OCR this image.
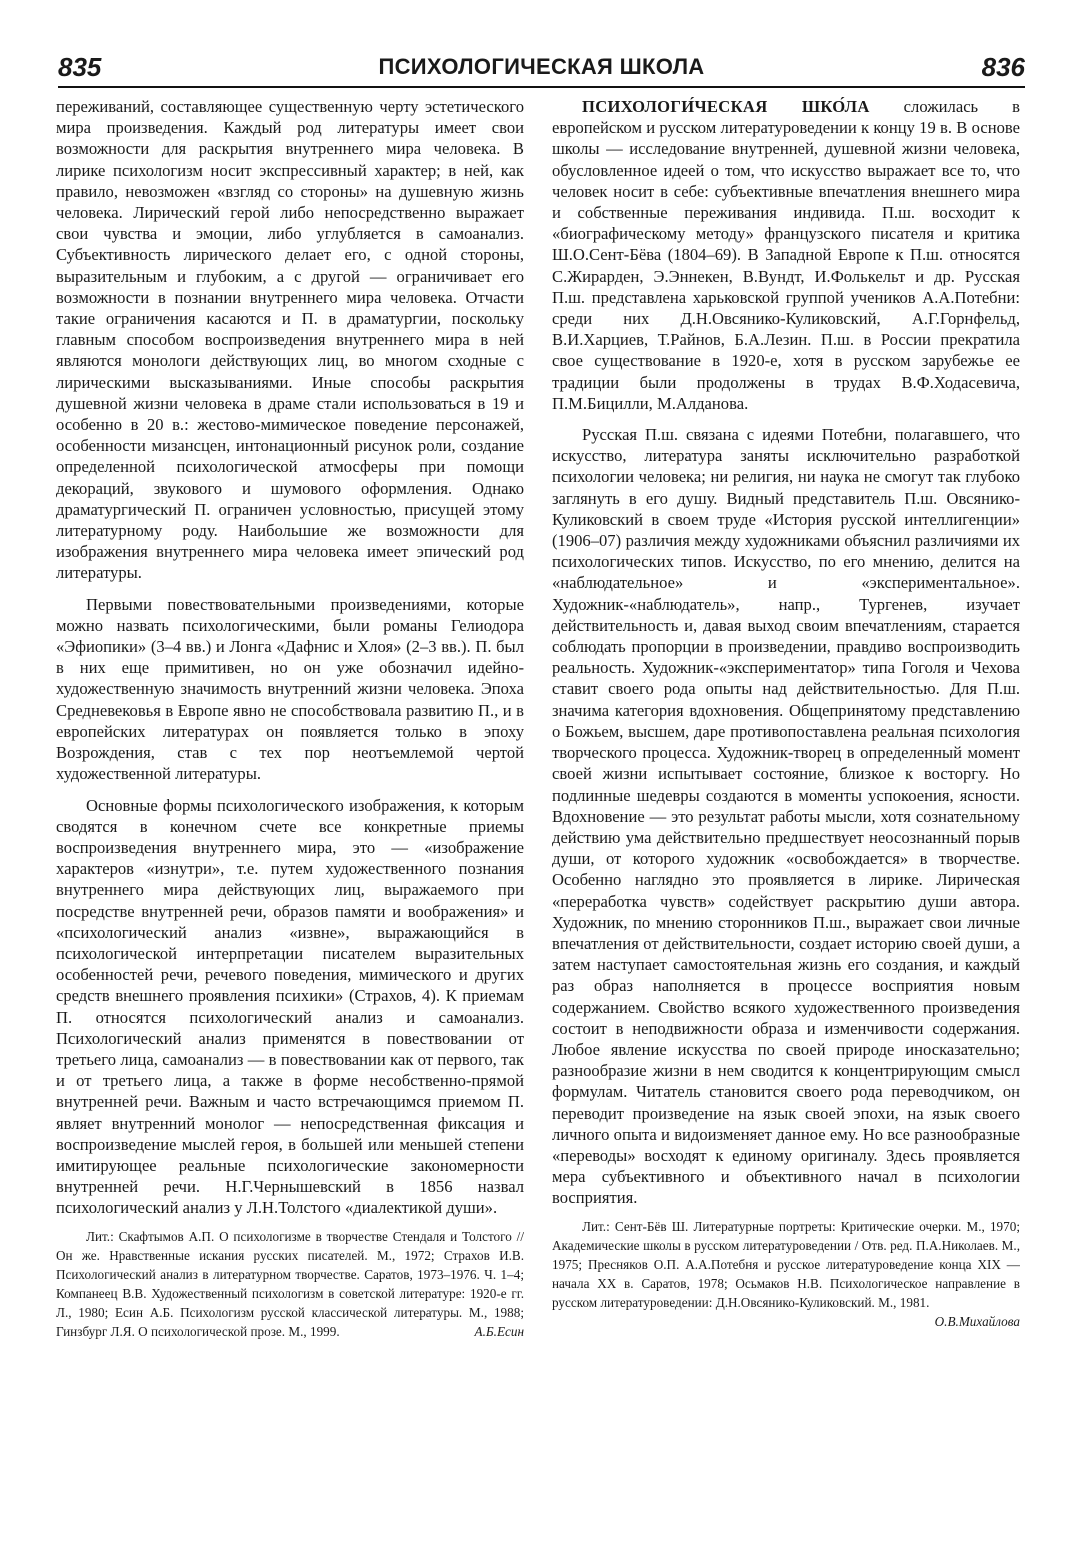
835	ПСИХОЛОГИЧЕСКАЯ ШКОЛА	836

переживаний, составляющее существенную черту эстетического мира произведения. Каждый род литературы имеет свои возможности для раскрытия внутреннего мира человека. В лирике психологизм носит экспрессивный характер; в ней, как правило, невозможен «взгляд со стороны» на душевную жизнь человека. Лирический герой либо непосредственно выражает свои чувства и эмоции, либо углубляется в самоанализ. Субъективность лирического делает его, с одной стороны, выразительным и глубоким, а с другой — ограничивает его возможности в познании внутреннего мира человека. Отчасти такие ограничения касаются и П. в драматургии, поскольку главным способом воспроизведения внутреннего мира в ней являются монологи действующих лиц, во многом сходные с лирическими высказываниями. Иные способы раскрытия душевной жизни человека в драме стали использоваться в 19 и особенно в 20 в.: жестово-мимическое поведение персонажей, особенности мизансцен, интонационный рисунок роли, создание определенной психологической атмосферы при помощи декораций, звукового и шумового оформления. Однако драматургический П. ограничен условностью, присущей этому литературному роду. Наибольшие же возможности для изображения внутреннего мира человека имеет эпический род литературы.

Первыми повествовательными произведениями, которые можно назвать психологическими, были романы Гелиодора «Эфиопики» (3–4 вв.) и Лонга «Дафнис и Хлоя» (2–3 вв.). П. был в них еще примитивен, но он уже обозначил идейно-художественную значимость внутренний жизни человека. Эпоха Средневековья в Европе явно не способствовала развитию П., и в европейских литературах он появляется только в эпоху Возрождения, став с тех пор неотъемлемой чертой художественной литературы.

Основные формы психологического изображения, к которым сводятся в конечном счете все конкретные приемы воспроизведения внутреннего мира, это — «изображение характеров «изнутри», т.е. путем художественного познания внутреннего мира действующих лиц, выражаемого при посредстве внутренней речи, образов памяти и воображения» и «психологический анализ «извне», выражающийся в психологической интерпретации писателем выразительных особенностей речи, речевого поведения, мимического и других средств внешнего проявления психики» (Страхов, 4). К приемам П. относятся психологический анализ и самоанализ. Психологический анализ применятся в повествовании от третьего лица, самоанализ — в повествовании как от первого, так и от третьего лица, а также в форме несобственно-прямой внутренней речи. Важным и часто встречающимся приемом П. являет внутренний монолог — непосредственная фиксация и воспроизведение мыслей героя, в большей или меньшей степени имитирующее реальные психологические закономерности внутренней речи. Н.Г.Чернышевский в 1856 назвал психологический анализ у Л.Н.Толстого «диалектикой души».

Лит.: Скафтымов А.П. О психологизме в творчестве Стендаля и Толстого // Он же. Нравственные искания русских писателей. М., 1972; Страхов И.В. Психологический анализ в литературном творчестве. Саратов, 1973–1976. Ч. 1–4; Компанеец В.В. Художественный психологизм в советской литературе: 1920-е гг. Л., 1980; Есин А.Б. Психологизм русской классической литературы. М., 1988; Гинзбург Л.Я. О психологической прозе. М., 1999.	А.Б.Есин

ПСИХОЛОГИ́ЧЕСКАЯ ШКО́ЛА сложилась в европейском и русском литературоведении к концу 19 в. В основе школы — исследование внутренней, душевной жизни человека, обусловленное идеей о том, что искусство выражает все то, что человек носит в себе: субъективные впечатления внешнего мира и собственные переживания индивида. П.ш. восходит к «биографическому методу» французского писателя и критика Ш.О.Сент-Бёва (1804–69). В Западной Европе к П.ш. относятся С.Жирарден, Э.Эннекен, В.Вундт, И.Фолькельт и др. Русская П.ш. представлена харьковской группой учеников А.А.Потебни: среди них Д.Н.Овсянико-Куликовский, А.Г.Горнфельд, В.И.Харциев, Т.Райнов, Б.А.Лезин. П.ш. в России прекратила свое существование в 1920-е, хотя в русском зарубежье ее традиции были продолжены в трудах В.Ф.Ходасевича, П.М.Бицилли, М.Алданова.

Русская П.ш. связана с идеями Потебни, полагавшего, что искусство, литература заняты исключительно разработкой психологии человека; ни религия, ни наука не смогут так глубоко заглянуть в его душу. Видный представитель П.ш. Овсянико-Куликовский в своем труде «История русской интеллигенции» (1906–07) различия между художниками объяснил различиями их психологических типов. Искусство, по его мнению, делится на «наблюдательное» и «экспериментальное». Художник-«наблюдатель», напр., Тургенев, изучает действительность и, давая выход своим впечатлениям, старается соблюдать пропорции в произведении, правдиво воспроизводить реальность. Художник-«экспериментатор» типа Гоголя и Чехова ставит своего рода опыты над действительностью. Для П.ш. значима категория вдохновения. Общепринятому представлению о Божьем, высшем, даре противопоставлена реальная психология творческого процесса. Художник-творец в определенный момент своей жизни испытывает состояние, близкое к восторгу. Но подлинные шедевры создаются в моменты успокоения, ясности. Вдохновение — это результат работы мысли, хотя сознательному действию ума действительно предшествует неосознанный порыв души, от которого художник «освобождается» в творчестве. Особенно наглядно это проявляется в лирике. Лирическая «переработка чувств» содействует раскрытию души автора. Художник, по мнению сторонников П.ш., выражает свои личные впечатления от действительности, создает историю своей души, а затем наступает самостоятельная жизнь его создания, и каждый раз образ наполняется в процессе восприятия новым содержанием. Свойство всякого художественного произведения состоит в неподвижности образа и изменчивости содержания. Любое явление искусства по своей природе иносказательно; разнообразие жизни в нем сводится к концентрирующим смысл формулам. Читатель становится своего рода переводчиком, он переводит произведение на язык своей эпохи, на язык своего личного опыта и видоизменяет данное ему. Но все разнообразные «переводы» восходят к единому оригиналу. Здесь проявляется мера субъективного и объективного начал в психологии восприятия.

Лит.: Сент-Бёв Ш. Литературные портреты: Критические очерки. М., 1970; Академические школы в русском литературоведении / Отв. ред. П.А.Николаев. М., 1975; Пресняков О.П. А.А.Потебня и русское литературоведение конца XIX — начала XX в. Саратов, 1978; Осьмаков Н.В. Психологическое направление в русском литературоведении: Д.Н.Овсянико-Куликовский. М., 1981.
О.В.Михайлова
